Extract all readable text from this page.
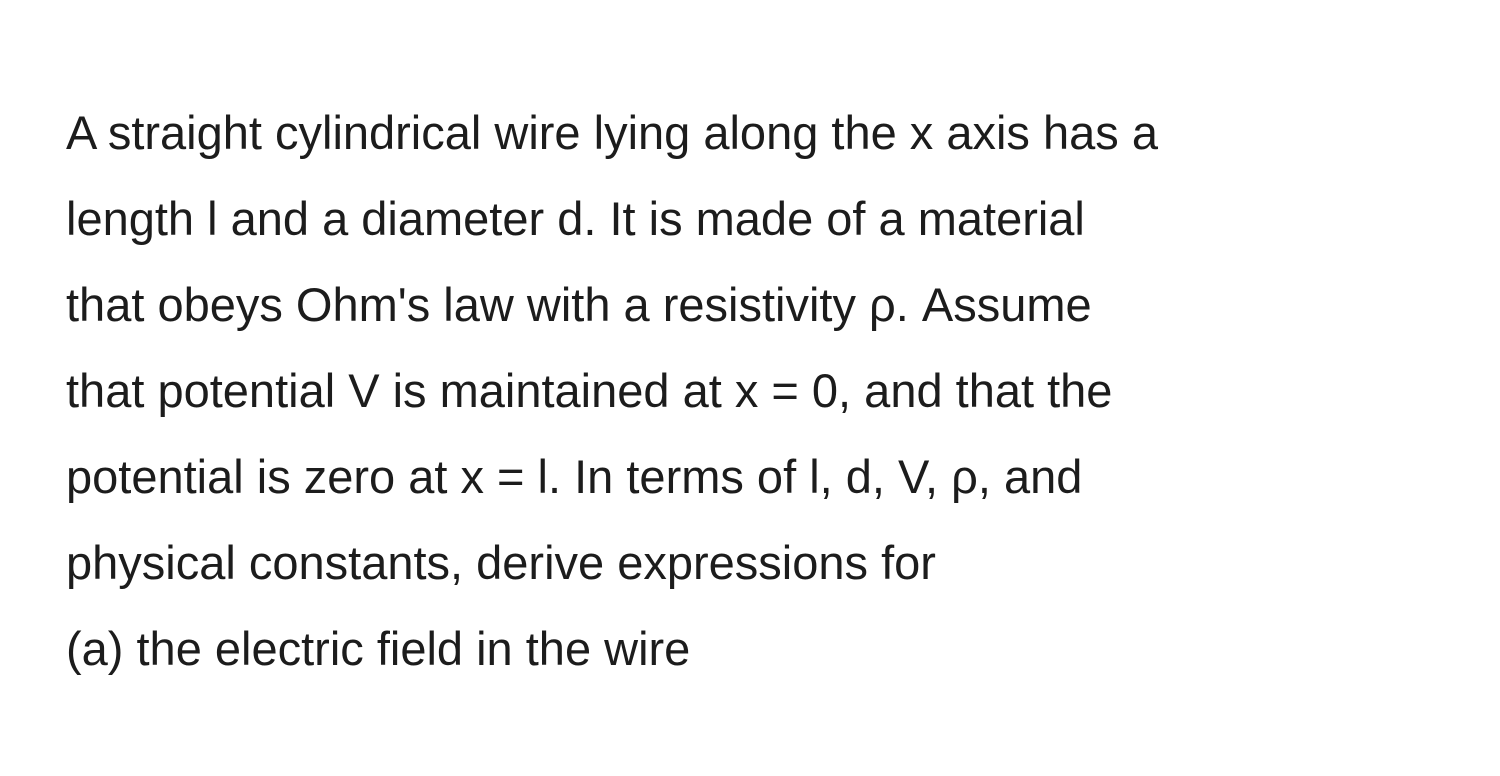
A straight cylindrical wire lying along the x axis has a
length l and a diameter d. It is made of a material
that obeys Ohm's law with a resistivity ρ. Assume
that potential V is maintained at x = 0, and that the
potential is zero at x = l. In terms of l, d, V, ρ, and
physical constants, derive expressions for
(a) the electric field in the wire
